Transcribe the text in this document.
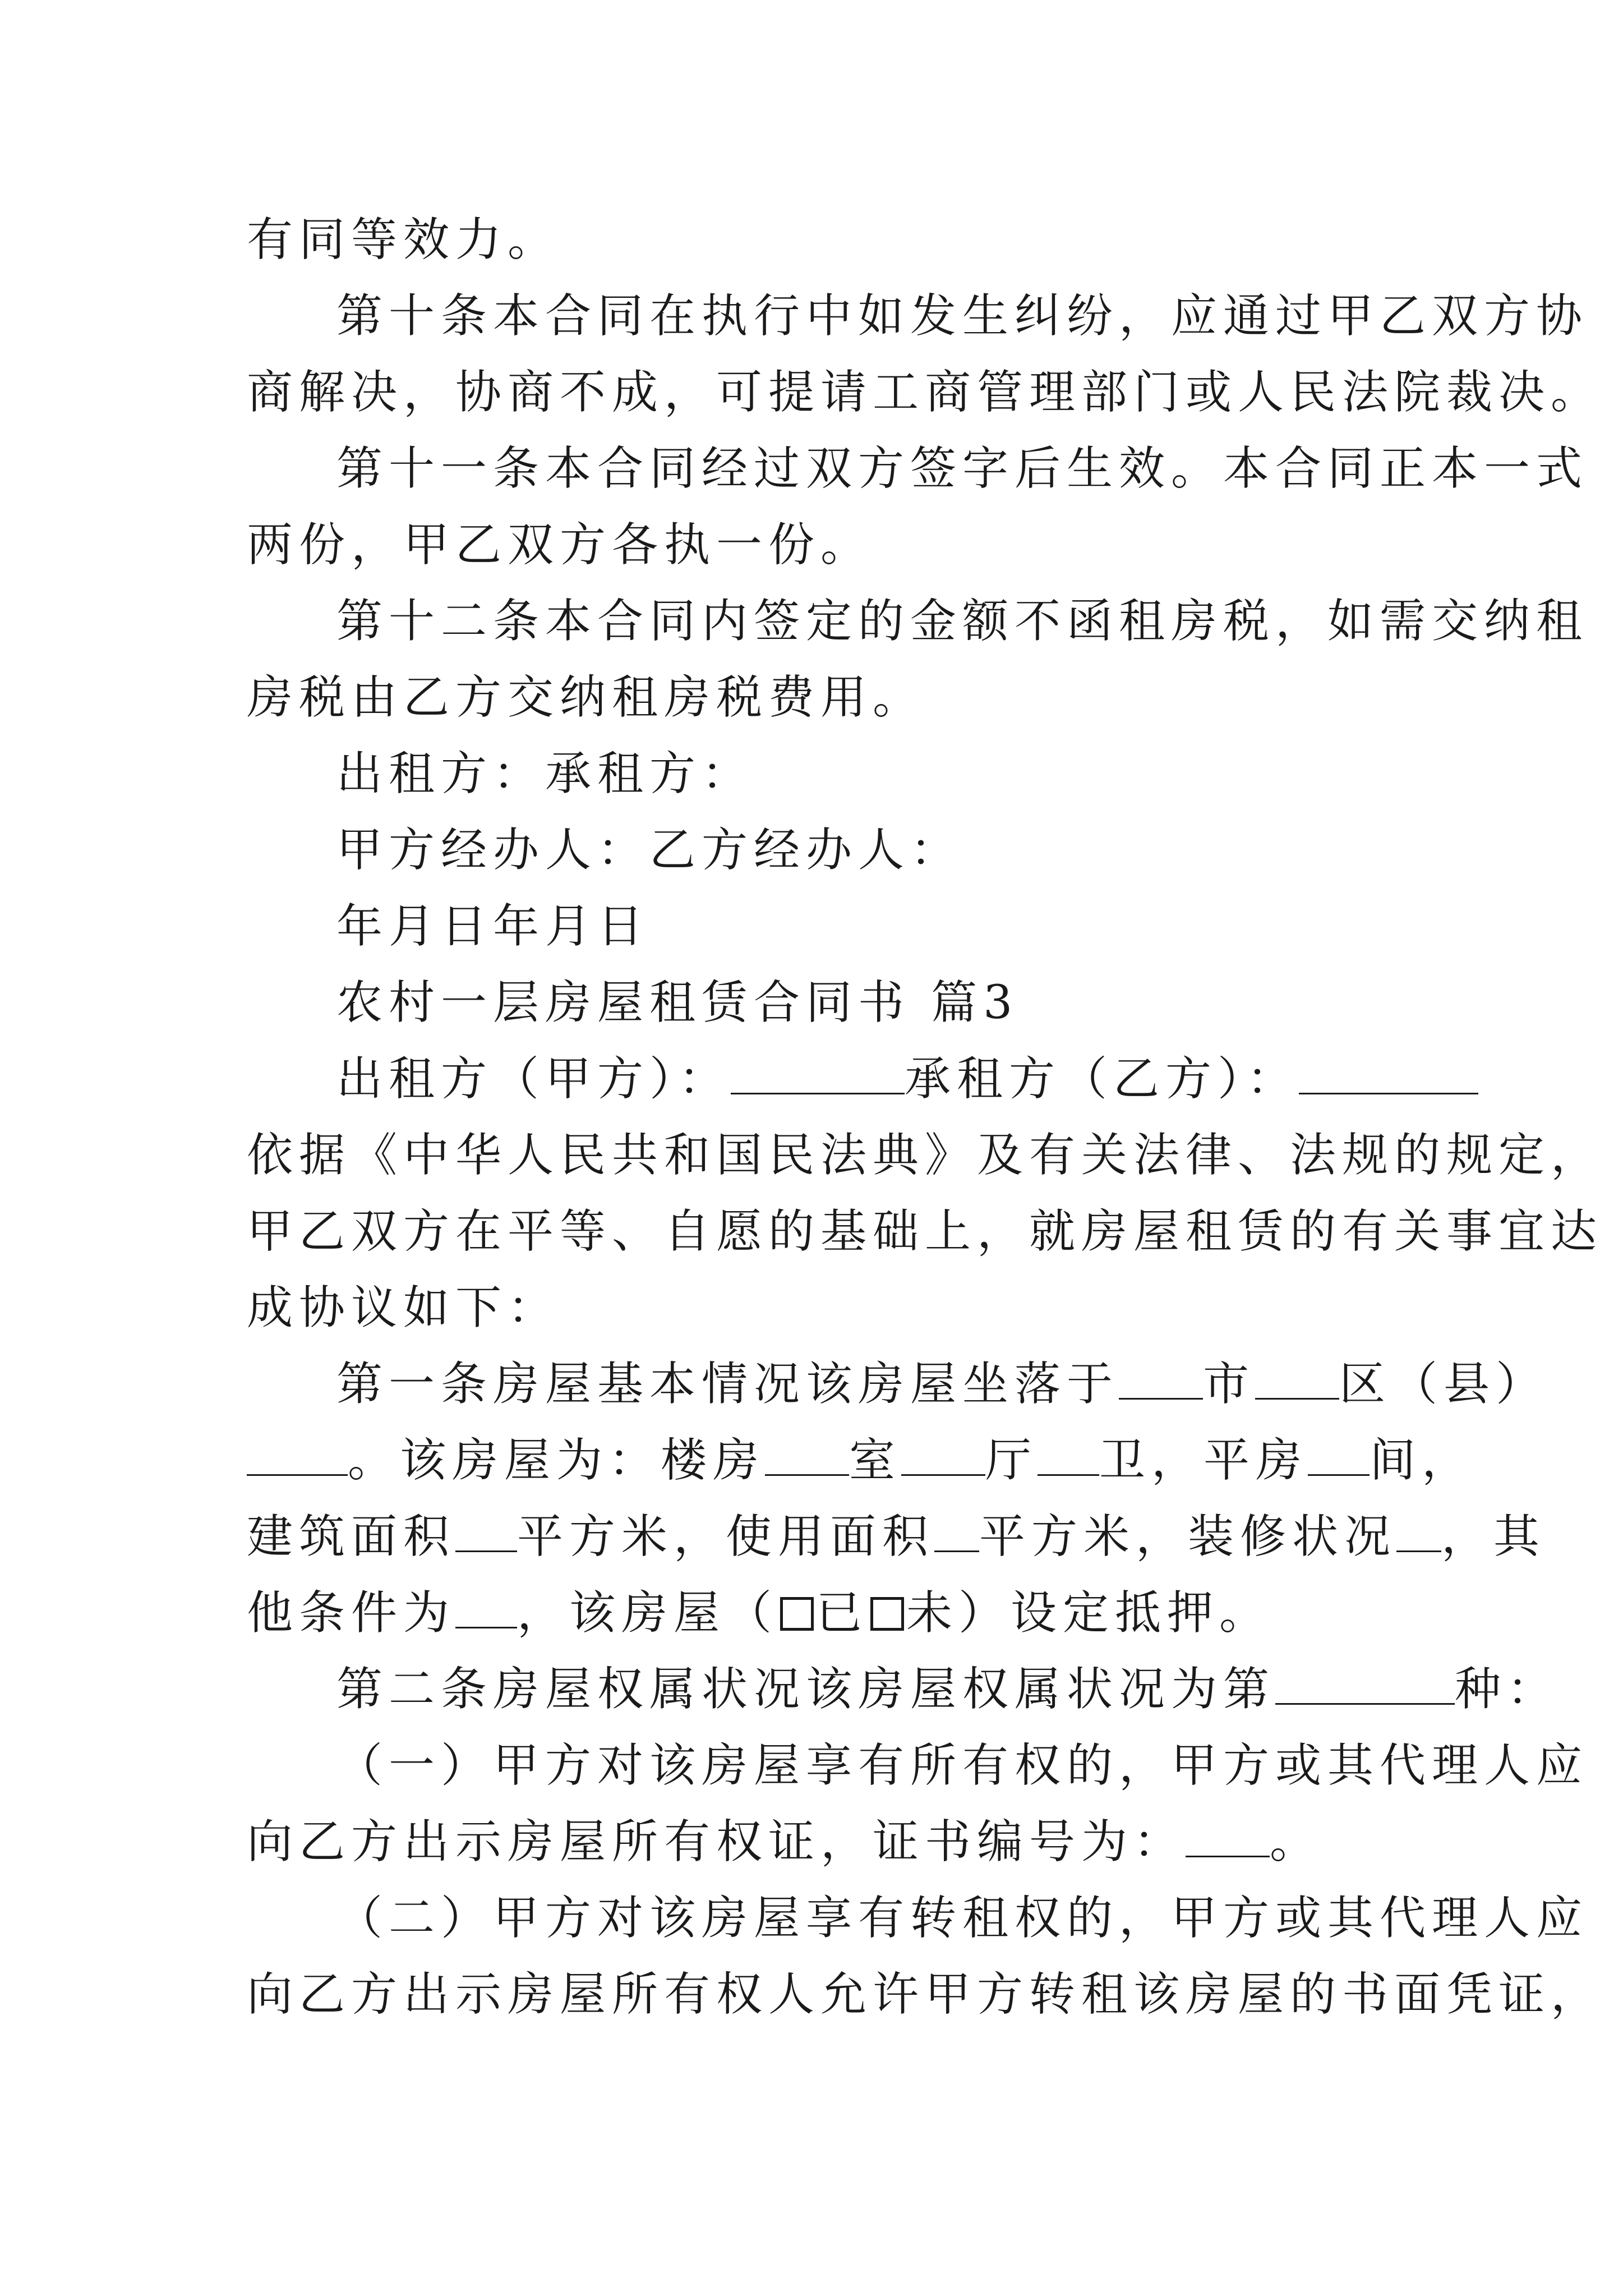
有同等效力。
第十条本合同在执行中如发生纠纷，应通过甲乙双方协
商解决，协商不成，可提请工商管理部门或人民法院裁决。
第十一条本合同经过双方签字后生效。本合同正本一式
两份，甲乙双方各执一份。
第十二条本合同内签定的金额不函租房税，如需交纳租
房税由乙方交纳租房税费用。
出租方：承租方：
甲方经办人：乙方经办人：
年月日年月日
农村一层房屋租赁合同书 篇3
出租方（甲方）：	承租方（乙方）：
依据《中华人民共和国民法典》及有关法律、法规的规定，
甲乙双方在平等、自愿的基础上，就房屋租赁的有关事宜达
成协议如下：
第一条房屋基本情况该房屋坐落于 市 区（县）
。该房屋为：楼房 室 厅 卫，平房 间，
建筑面积 平方米，使用面积 平方米，装修状况 ，其
他条件为 ，该房屋（ 已 未）设定抵押。
第二条房屋权属状况该房屋权属状况为第	种：
（一）甲方对该房屋享有所有权的，甲方或其代理人应
向乙方出示房屋所有权证，证书编号为： 。
（二）甲方对该房屋享有转租权的，甲方或其代理人应
向乙方出示房屋所有权人允许甲方转租该房屋的书面凭证，
